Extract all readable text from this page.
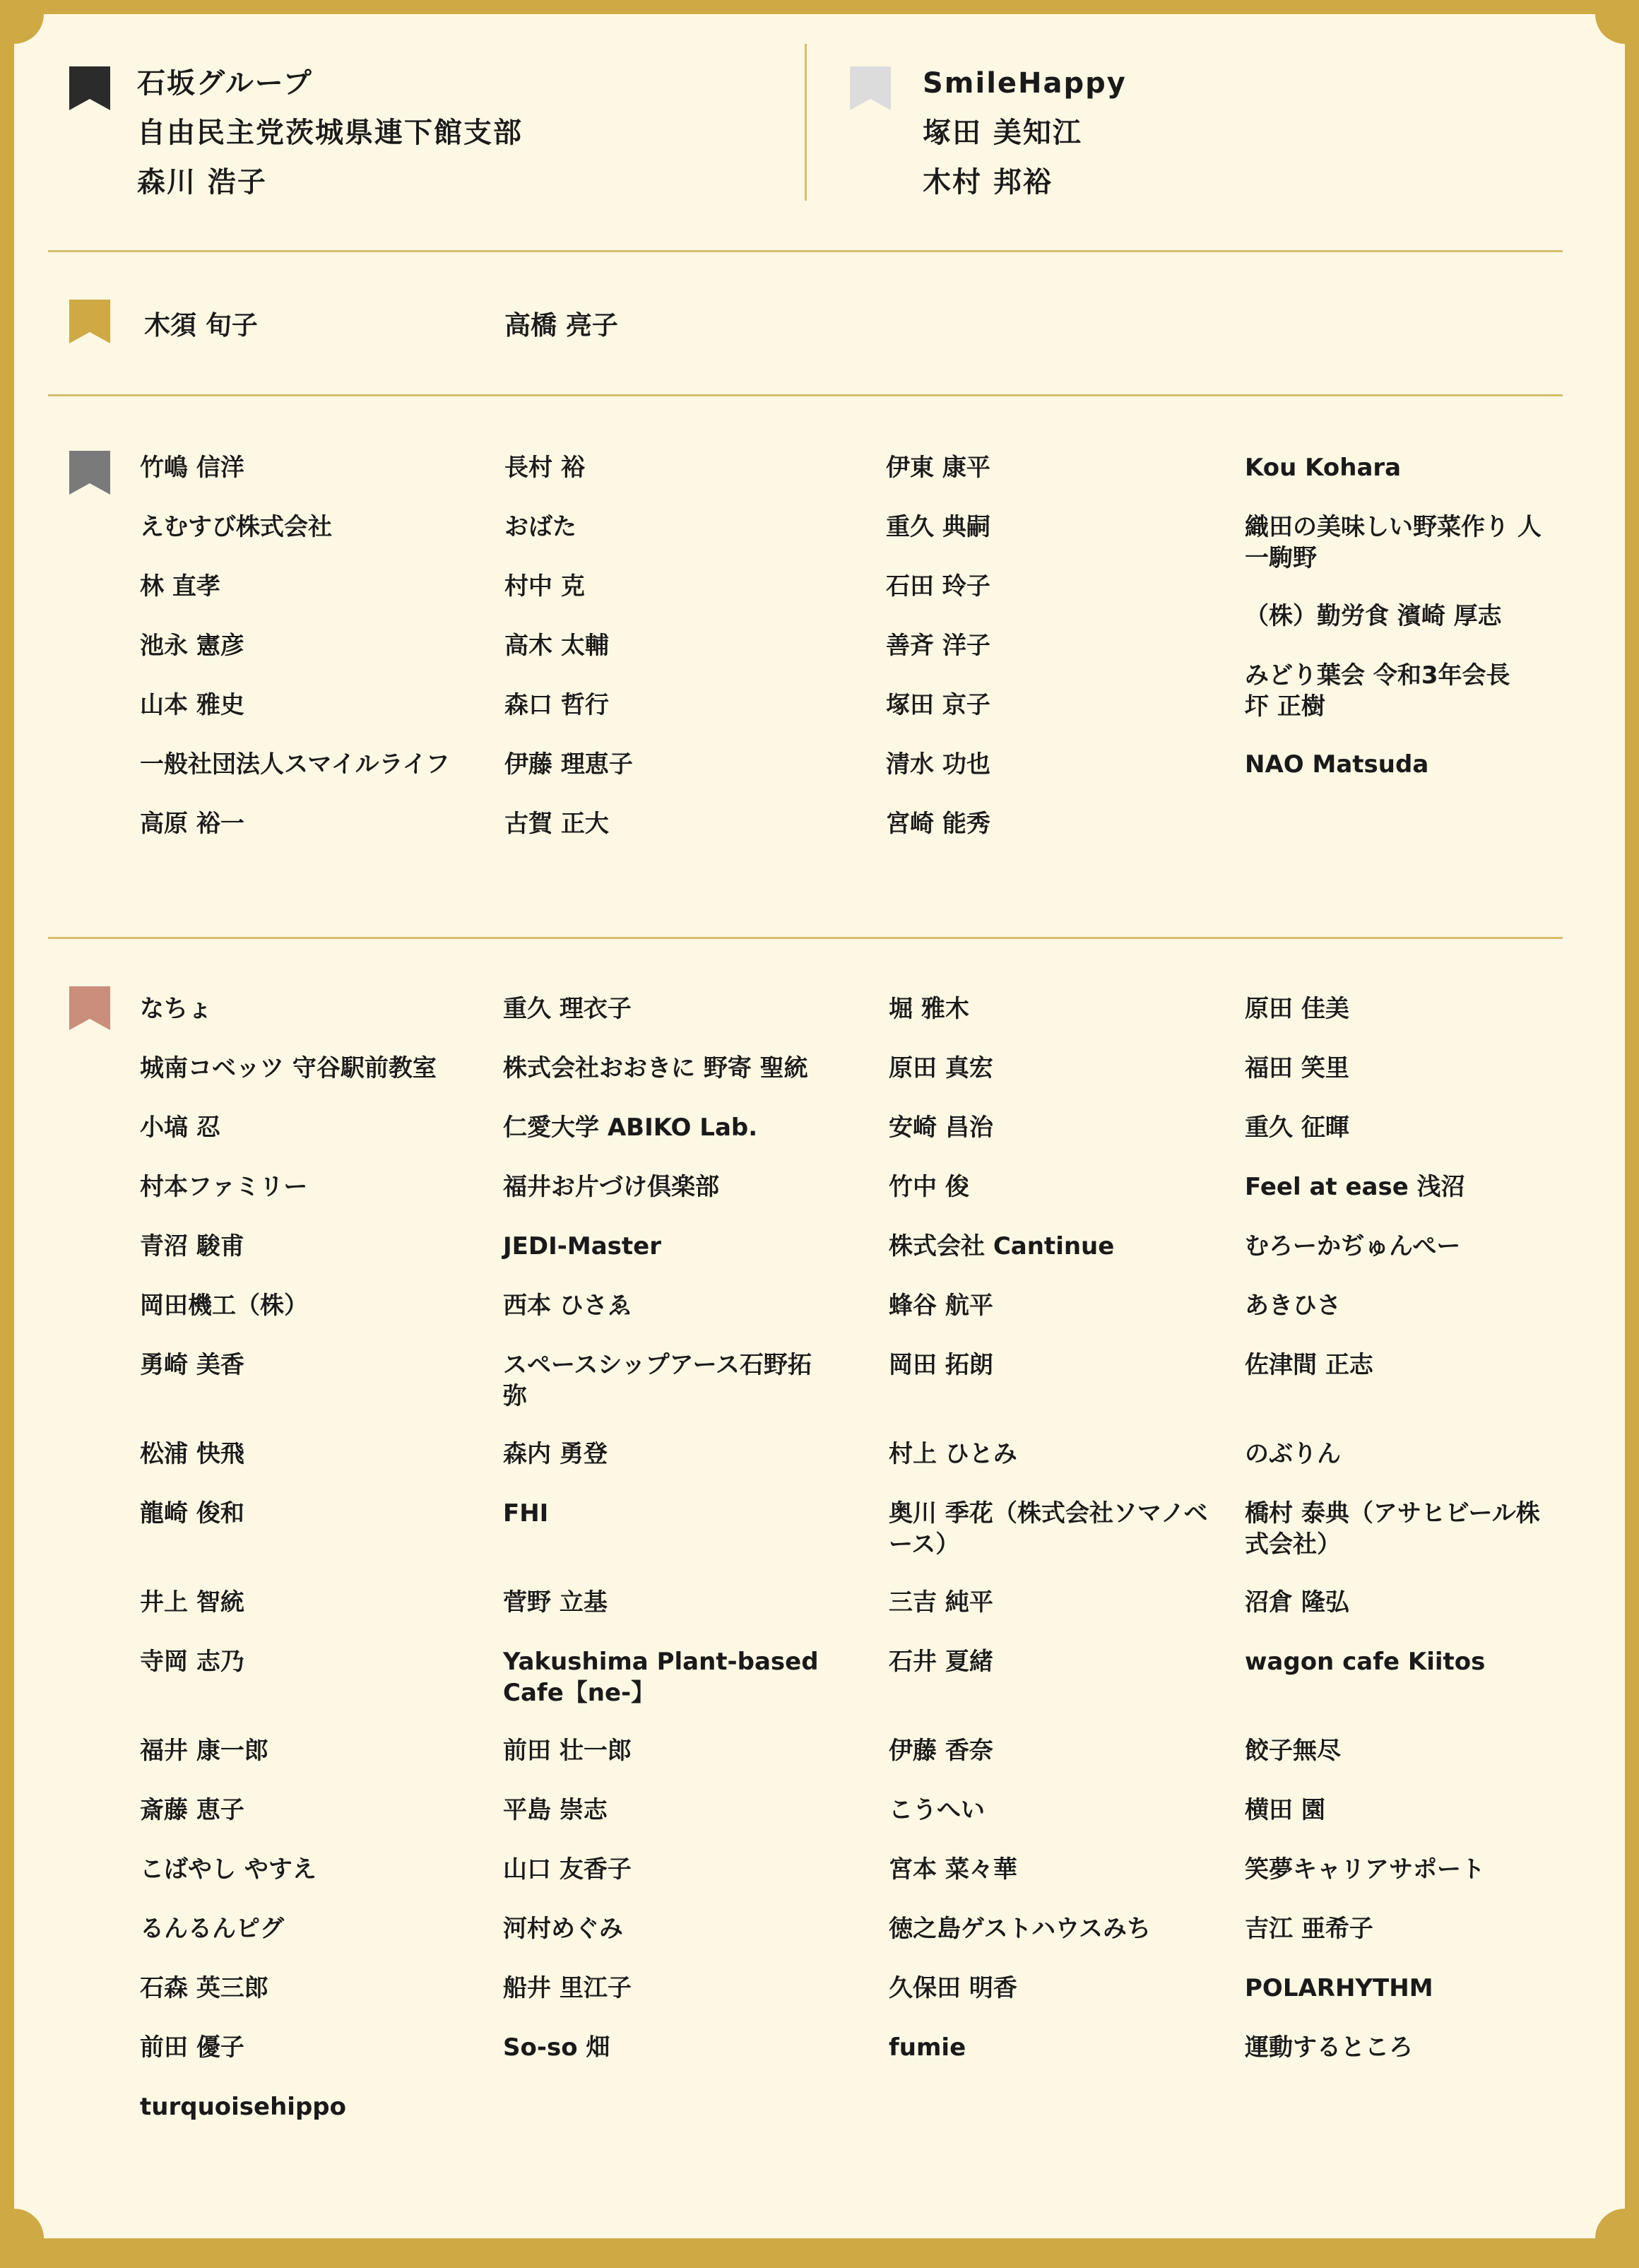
石坂グループ
自由民主党茨城県連下館支部
森川 浩子
SmileHappy
塚田 美知江
木村 邦裕
木須 旬子	高橋 亮子
竹嶋 信洋
えむすび株式会社
林 直孝
池永 憲彦
山本 雅史
一般社団法人スマイルライフ
高原 裕一
長村 裕
おばた
村中 克
高木 太輔
森口 哲行
伊藤 理恵子
古賀 正大
伊東 康平
重久 典嗣
石田 玲子
善斉 洋子
塚田 京子
清水 功也
宮崎 能秀
Kou Kohara
織田の美味しい野菜作り 人一駒野
（株）勤労食 濱崎 厚志
みどり葉会 令和3年会長 圷 正樹
NAO Matsuda
なちょ
城南コベッツ 守谷駅前教室
小塙 忍
村本ファミリー
青沼 駿甫
岡田機工（株）
勇崎 美香
松浦 快飛
龍崎 俊和
井上 智統
寺岡 志乃
福井 康一郎
斎藤 恵子
こばやし やすえ
るんるんピグ
石森 英三郎
前田 優子
turquoisehippo
重久 理衣子
株式会社おおきに 野寄 聖統
仁愛大学 ABIKO Lab.
福井お片づけ倶楽部
JEDI-Master
西本 ひさゑ
スペースシップアース石野拓弥
森内 勇登
FHI
菅野 立基
Yakushima Plant-based Cafe【ne-】
前田 壮一郎
平島 崇志
山口 友香子
河村めぐみ
船井 里江子
So-so 畑
堀 雅木
原田 真宏
安崎 昌治
竹中 俊
株式会社 Cantinue
蜂谷 航平
岡田 拓朗
村上 ひとみ
奥川 季花（株式会社ソマノベース）
三吉 純平
石井 夏緒
伊藤 香奈
こうへい
宮本 菜々華
徳之島ゲストハウスみち
久保田 明香
fumie
原田 佳美
福田 笑里
重久 征暉
Feel at ease 浅沼
むろーかぢゅんぺー
あきひさ
佐津間 正志
のぶりん
橋村 泰典（アサヒビール株式会社）
沼倉 隆弘
wagon cafe Kiitos
餃子無尽
横田 園
笑夢キャリアサポート
吉江 亜希子
POLARHYTHM
運動するところ
